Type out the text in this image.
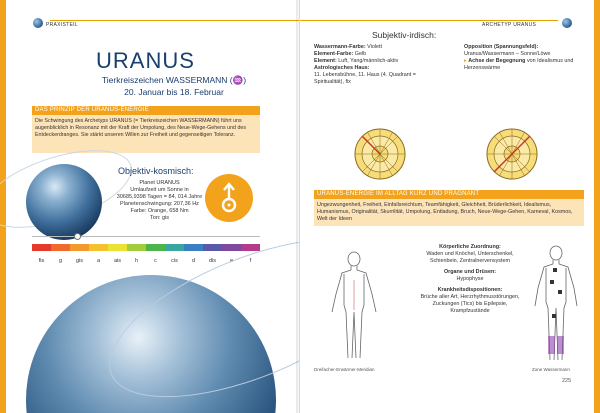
PRAXISTEIL
URANUS
Tierkreiszeichen WASSERMANN (♒)
20. Januar bis 18. Februar
DAS PRINZIP DER URANUS-ENERGIE
Die Schwingung des Archetyps URANUS (= Tierkreiszeichen WASSERMANN) führt uns augenblicklich in Resonanz mit der Kraft der Umpolung, des Neue-Wege-Gehens und des Entdeckerdranges. Sie stärkt unseren Willen zur Freiheit und gegenseitigen Toleranz.
Objektiv-kosmisch:
Planet URANUS
Umlaufzeit um Sonne in
30685,9398 Tagen = 84, 014 Jahre
Planetenschwingung: 207,36 Hz
Farbe: Orange, 658 Nm
Ton: gis
fis	g	gis	a	ais	h	c	cis	d	dis	e	f
ARCHETYP URANUS
Subjektiv-irdisch:
Wassermann-Farbe: Violett
Element-Farbe: Gelb
Element: Luft, Yang/männlich-aktiv
Astrologisches Haus:
11. Lebensbühne, 11. Haus (4. Quadrant = Spiritualität), fix
Opposition (Spannungsfeld):
Uranus/Wassermann – Sonne/Löwe
▸ Achse der Begegnung von Idealismus und Herzenswärme
URANUS-ENERGIE IM ALLTAG KURZ UND PRÄGNANT
Ungezwungenheit, Freiheit, Einfallsreichtum, Teamfähigkeit, Gleichheit, Brüderlichkeit, Idealismus, Humanismus, Originalität, Skurrilität, Umpolung, Entladung, Bruch, Neue-Wege-Gehen, Karneval, Kosmos, Welt der Ideen
Dreifacher-Erwärmer-Meridian
Körperliche Zuordnung:
Waden und Knöchel, Unterschenkel,
Schienbein, Zentralnervensystem
Organe und Drüsen:
Hypophyse
Krankheitsdispositionen:
Brüche aller Art, Herzrhythmusstörungen,
Zuckungen (Tics) bis Epilepsie,
Krampfzustände
Zone Wassermann
225
